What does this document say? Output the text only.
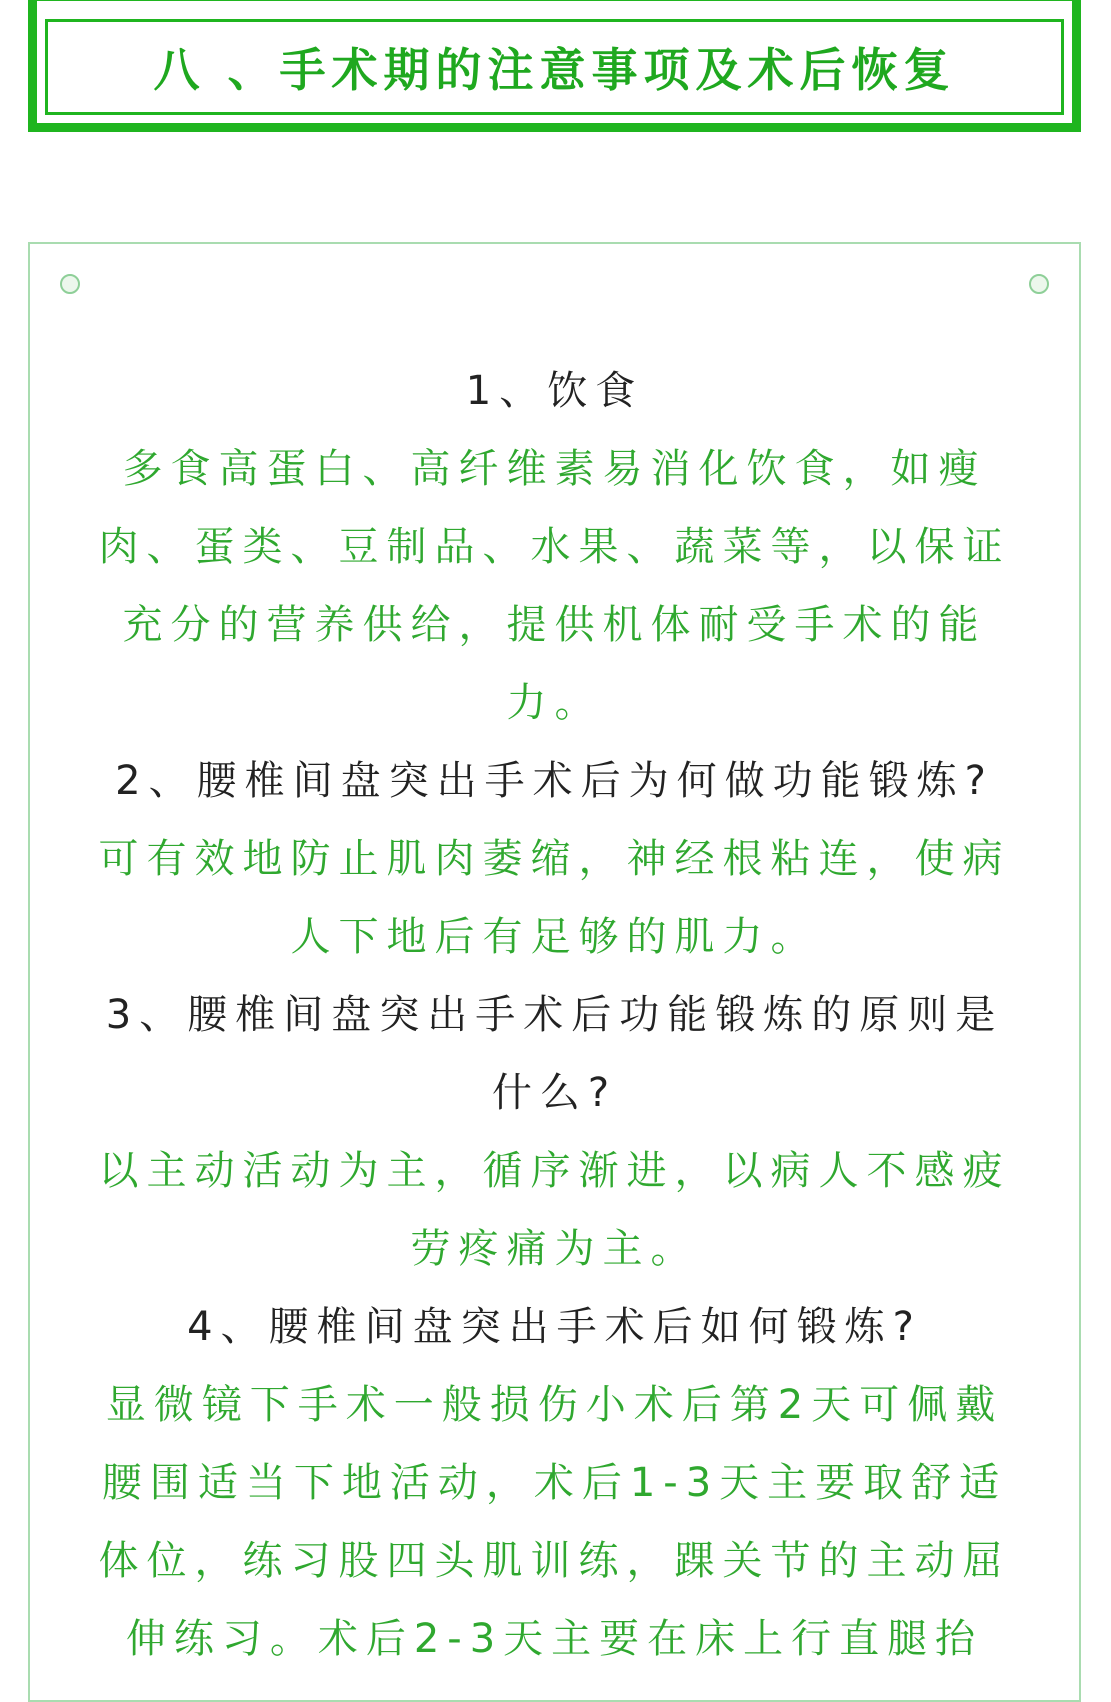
八 、手术期的注意事项及术后恢复
1、饮食
多食高蛋白、高纤维素易消化饮食，如瘦肉、蛋类、豆制品、水果、蔬菜等，以保证充分的营养供给，提供机体耐受手术的能力。
2、腰椎间盘突出手术后为何做功能锻炼?
可有效地防止肌肉萎缩，神经根粘连，使病人下地后有足够的肌力。
3、腰椎间盘突出手术后功能锻炼的原则是什么?
以主动活动为主，循序渐进，以病人不感疲劳疼痛为主。
4、腰椎间盘突出手术后如何锻炼?
显微镜下手术一般损伤小术后第2天可佩戴腰围适当下地活动，术后1-3天主要取舒适体位，练习股四头肌训练，踝关节的主动屈伸练习。术后2-3天主要在床上行直腿抬
